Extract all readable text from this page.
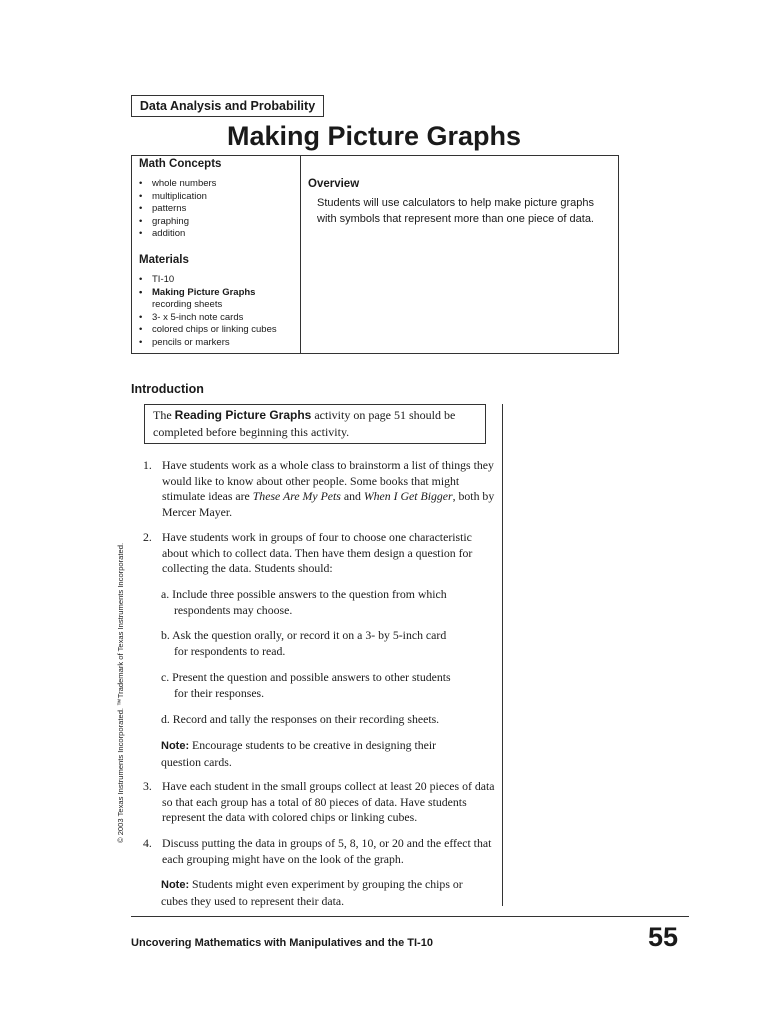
Data Analysis and Probability
Making Picture Graphs
Math Concepts
• whole numbers
• multiplication
• patterns
• graphing
• addition
Materials
• TI-10
• Making Picture Graphs
recording sheets
• 3- x 5-inch note cards
• colored chips or linking cubes
• pencils or markers
Overview
Students will use calculators to help make picture graphs with symbols that represent more than one piece of data.
Introduction
The Reading Picture Graphs activity on page 51 should be completed before beginning this activity.
1. Have students work as a whole class to brainstorm a list of things they would like to know about other people. Some books that might stimulate ideas are These Are My Pets and When I Get Bigger, both by Mercer Mayer.
2. Have students work in groups of four to choose one characteristic about which to collect data. Then have them design a question for collecting the data. Students should:
a. Include three possible answers to the question from which
respondents may choose.
b. Ask the question orally, or record it on a 3- by 5-inch card
for respondents to read.
c. Present the question and possible answers to other students
for their responses.
d. Record and tally the responses on their recording sheets.
Note: Encourage students to be creative in designing their question cards.
3. Have each student in the small groups collect at least 20 pieces of data so that each group has a total of 80 pieces of data. Have students represent the data with colored chips or linking cubes.
4. Discuss putting the data in groups of 5, 8, 10, or 20 and the effect that each grouping might have on the look of the graph.
Note: Students might even experiment by grouping the chips or cubes they used to represent their data.
© 2003 Texas Instruments Incorporated. ™Trademark of Texas Instruments Incorporated.
Uncovering Mathematics with Manipulatives and the TI-10	55
